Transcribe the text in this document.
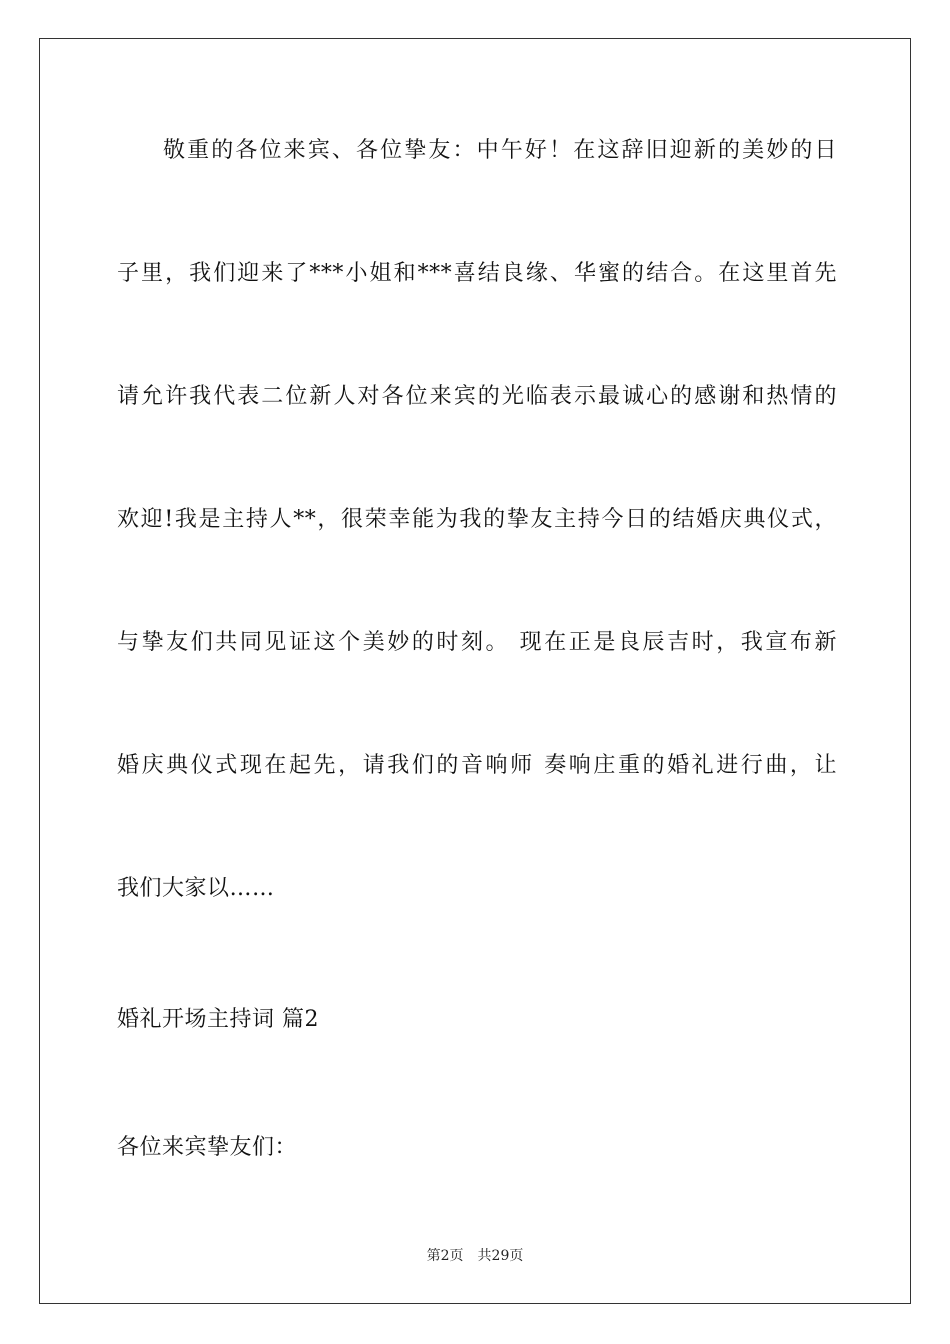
敬重的各位来宾、各位挚友：中午好！在这辞旧迎新的美妙的日
子里，我们迎来了***小姐和***喜结良缘、华蜜的结合。在这里首先
请允许我代表二位新人对各位来宾的光临表示最诚心的感谢和热情的
欢迎!我是主持人**，很荣幸能为我的挚友主持今日的结婚庆典仪式，
与挚友们共同见证这个美妙的时刻。 现在正是良辰吉时，我宣布新
婚庆典仪式现在起先，请我们的音响师 奏响庄重的婚礼进行曲，让
我们大家以……
婚礼开场主持词 篇2
各位来宾挚友们：
第2页 共29页
